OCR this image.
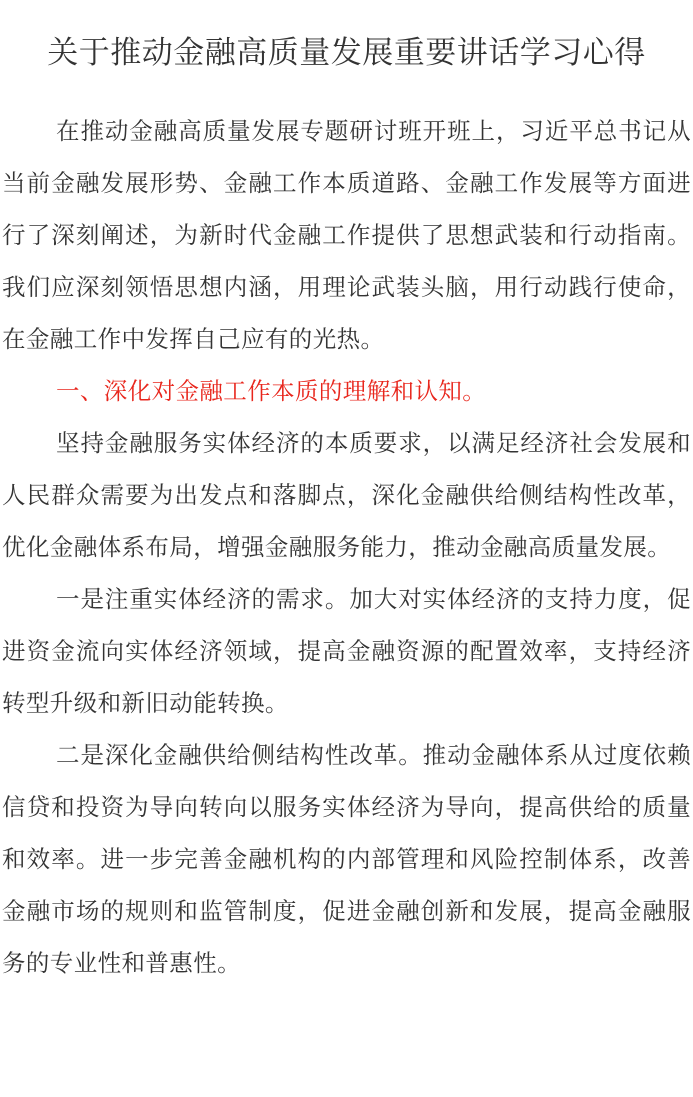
关于推动金融高质量发展重要讲话学习心得

在推动金融高质量发展专题研讨班开班上，习近平总书记从当前金融发展形势、金融工作本质道路、金融工作发展等方面进行了深刻阐述，为新时代金融工作提供了思想武装和行动指南。我们应深刻领悟思想内涵，用理论武装头脑，用行动践行使命，在金融工作中发挥自己应有的光热。

一、深化对金融工作本质的理解和认知。

坚持金融服务实体经济的本质要求，以满足经济社会发展和人民群众需要为出发点和落脚点，深化金融供给侧结构性改革，优化金融体系布局，增强金融服务能力，推动金融高质量发展。

一是注重实体经济的需求。加大对实体经济的支持力度，促进资金流向实体经济领域，提高金融资源的配置效率，支持经济转型升级和新旧动能转换。

二是深化金融供给侧结构性改革。推动金融体系从过度依赖信贷和投资为导向转向以服务实体经济为导向，提高供给的质量和效率。进一步完善金融机构的内部管理和风险控制体系，改善金融市场的规则和监管制度，促进金融创新和发展，提高金融服务的专业性和普惠性。
